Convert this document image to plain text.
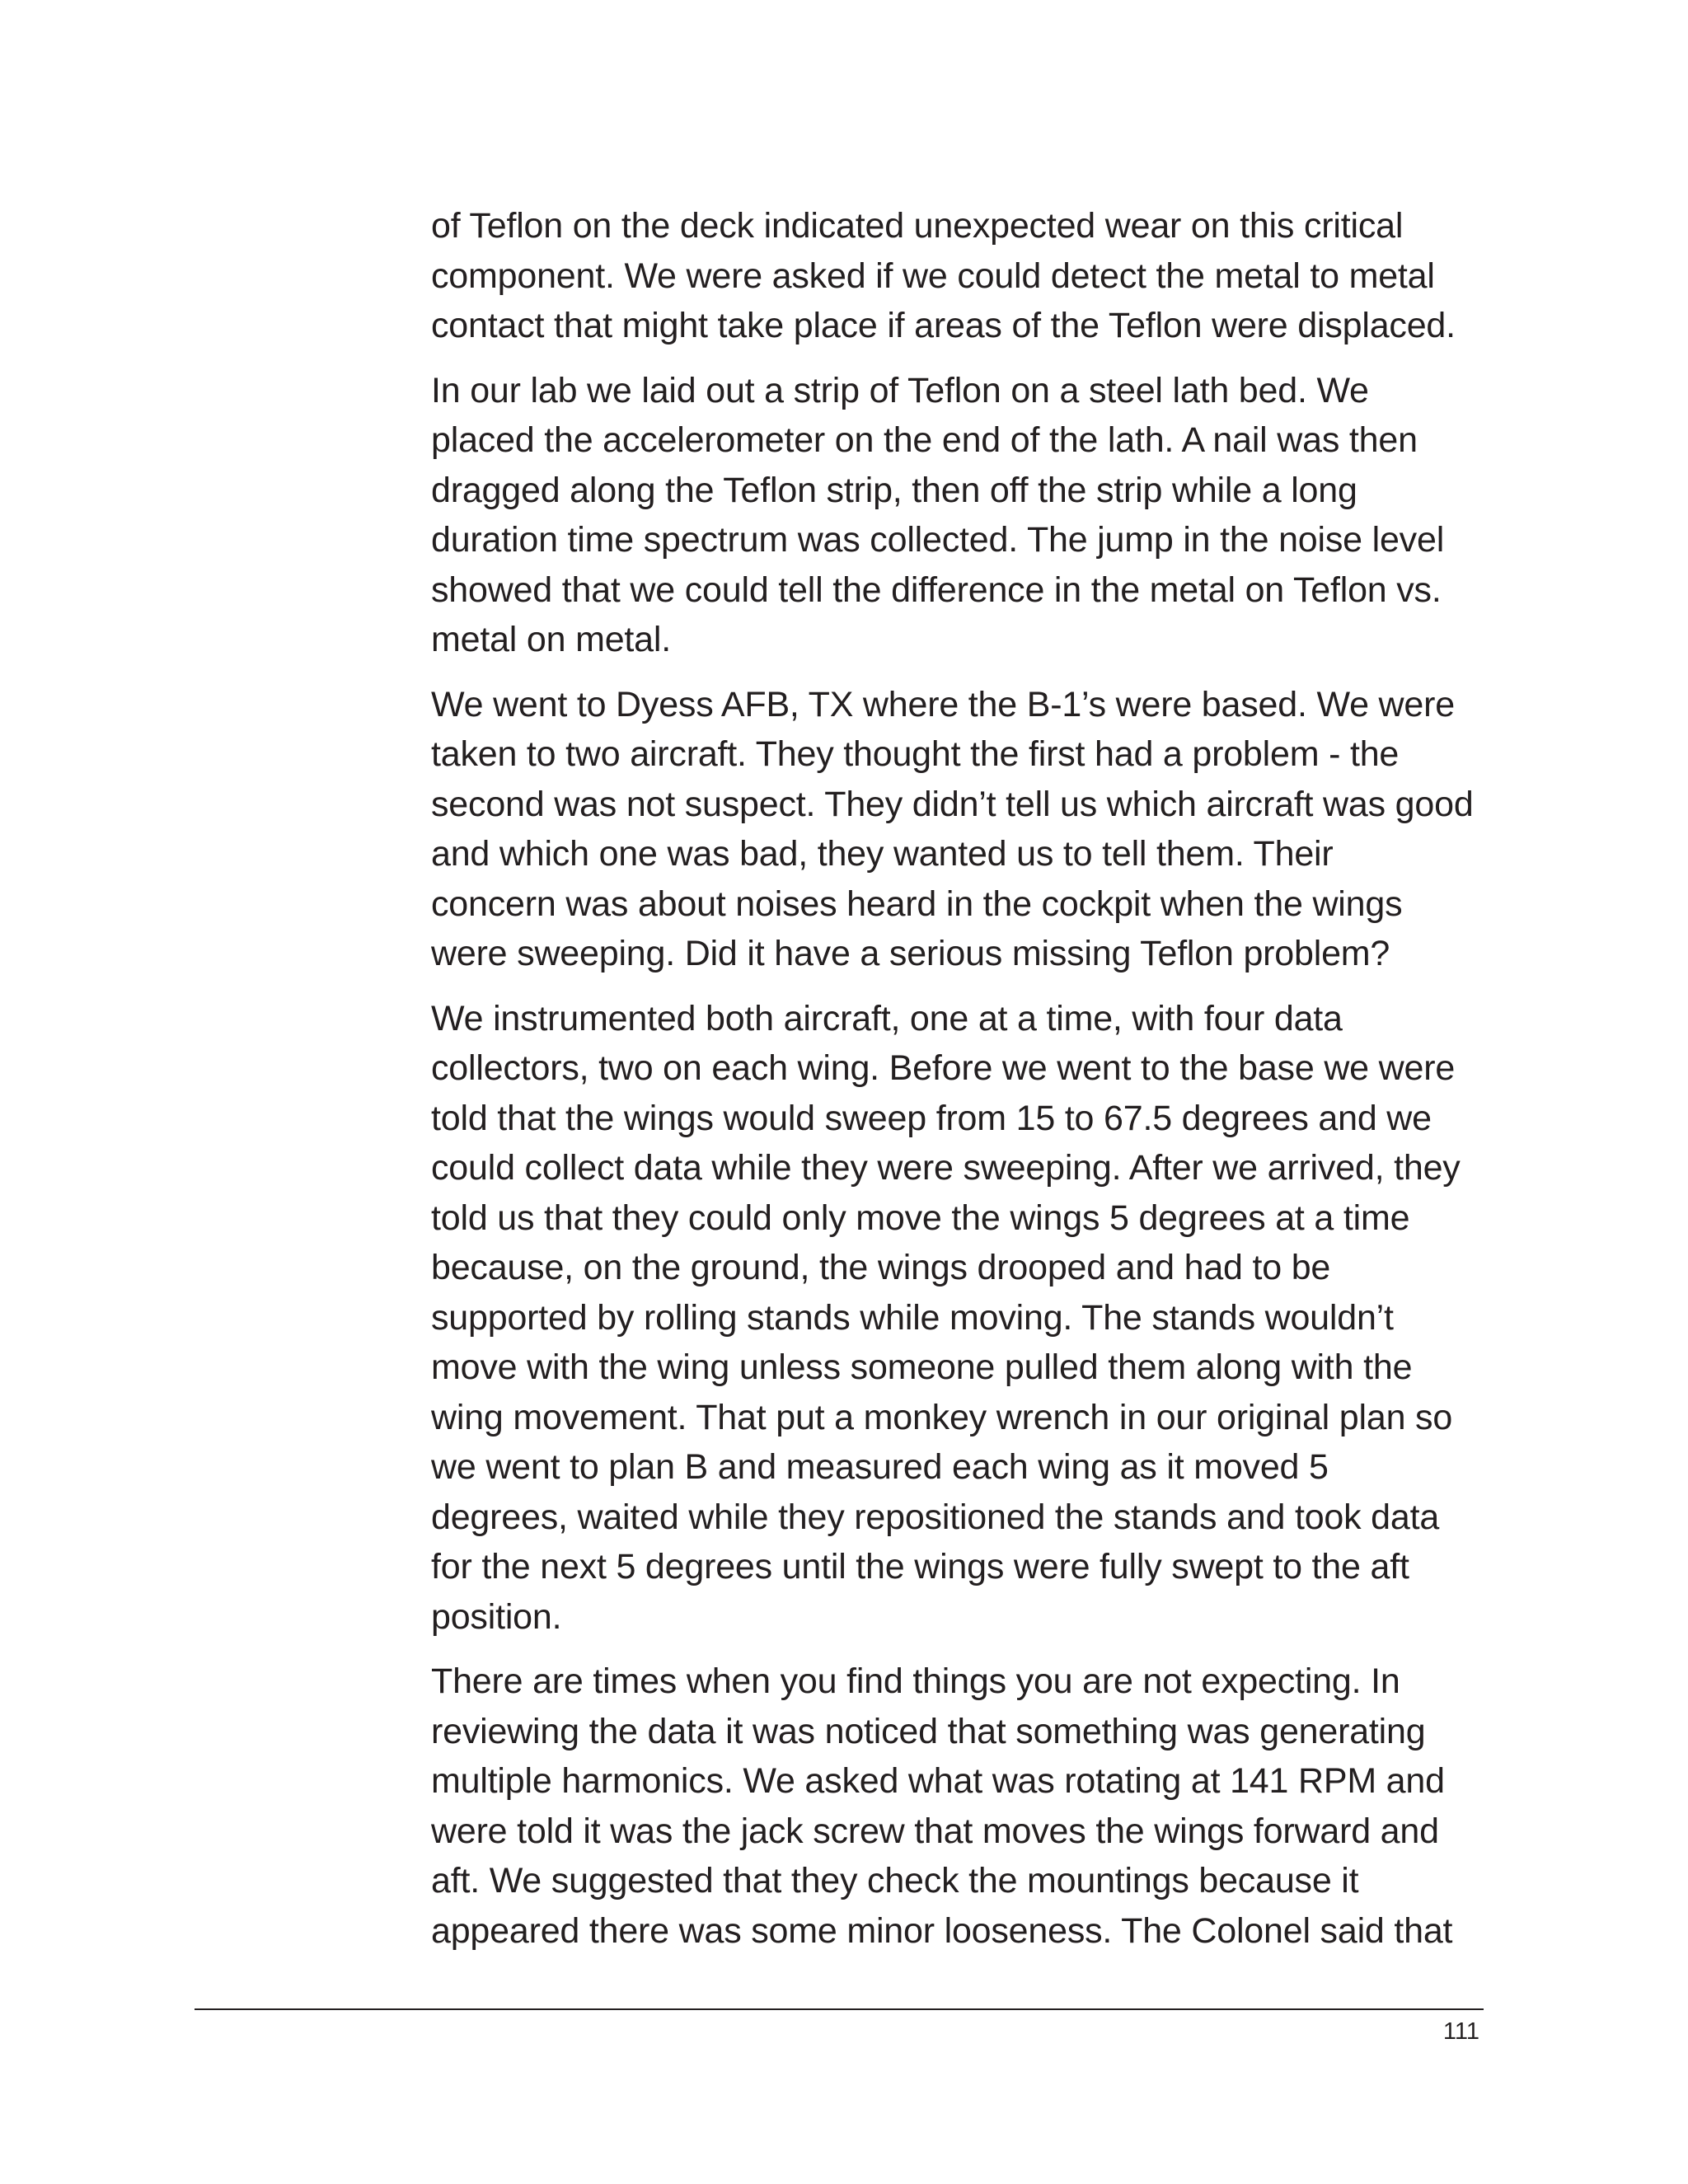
of Teflon on the deck indicated unexpected wear on this critical
component. We were asked if we could detect the metal to metal
contact that might take place if areas of the Teflon were displaced.

In our lab we laid out a strip of Teflon on a steel lath bed. We
placed the accelerometer on the end of the lath. A nail was then
dragged along the Teflon strip, then off the strip while a long
duration time spectrum was collected. The jump in the noise level
showed that we could tell the difference in the metal on Teflon vs.
metal on metal.

We went to Dyess AFB, TX where the B-1’s were based. We were
taken to two aircraft. They thought the first had a problem - the
second was not suspect. They didn’t tell us which aircraft was good
and which one was bad, they wanted us to tell them. Their
concern was about noises heard in the cockpit when the wings
were sweeping. Did it have a serious missing Teflon problem?

We instrumented both aircraft, one at a time, with four data
collectors, two on each wing. Before we went to the base we were
told that the wings would sweep from 15 to 67.5 degrees and we
could collect data while they were sweeping. After we arrived, they
told us that they could only move the wings 5 degrees at a time
because, on the ground, the wings drooped and had to be
supported by rolling stands while moving. The stands wouldn’t
move with the wing unless someone pulled them along with the
wing movement. That put a monkey wrench in our original plan so
we went to plan B and measured each wing as it moved 5
degrees, waited while they repositioned the stands and took data
for the next 5 degrees until the wings were fully swept to the aft
position.

There are times when you find things you are not expecting. In
reviewing the data it was noticed that something was generating
multiple harmonics. We asked what was rotating at 141 RPM and
were told it was the jack screw that moves the wings forward and
aft. We suggested that they check the mountings because it
appeared there was some minor looseness. The Colonel said that

111
